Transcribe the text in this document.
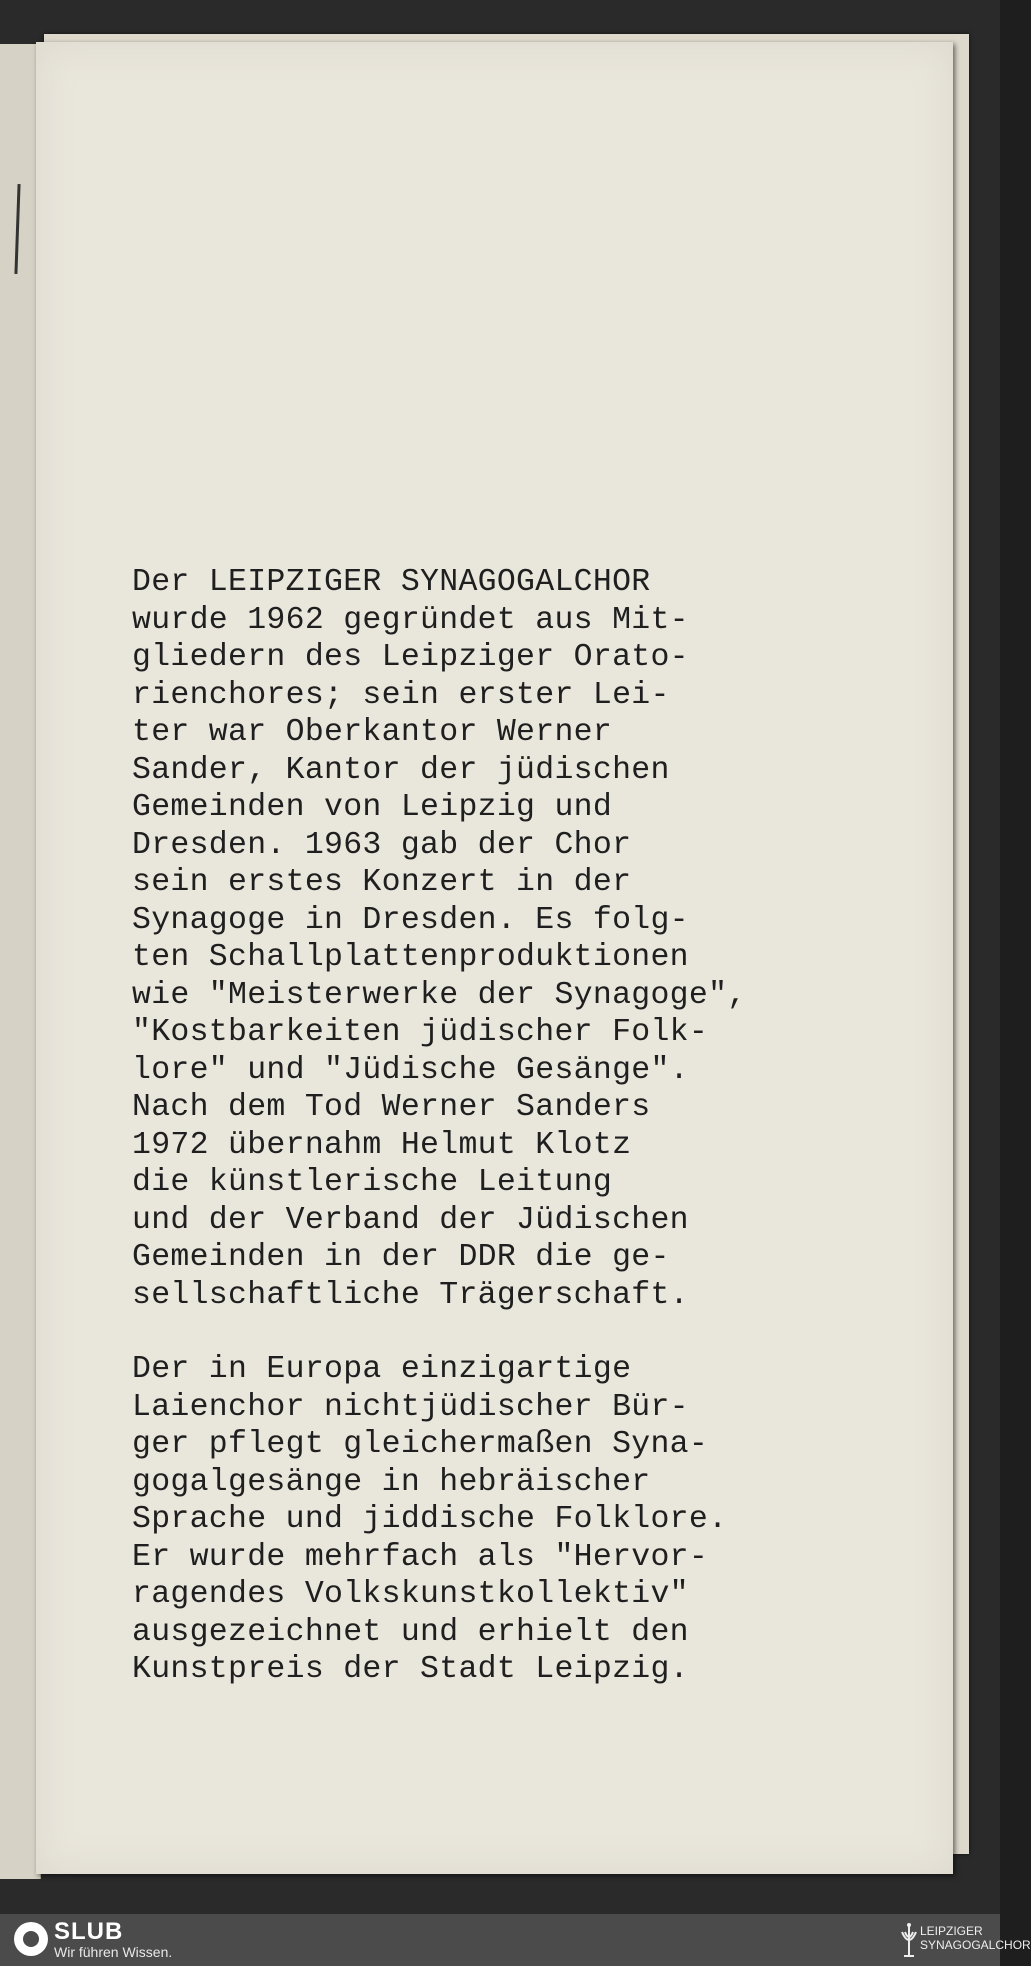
Der LEIPZIGER SYNAGOGALCHOR
wurde 1962 gegründet aus Mit-
gliedern des Leipziger Orato-
rienchores; sein erster Lei-
ter war Oberkantor Werner
Sander, Kantor der jüdischen
Gemeinden von Leipzig und
Dresden. 1963 gab der Chor
sein erstes Konzert in der
Synagoge in Dresden. Es folg-
ten Schallplattenproduktionen
wie "Meisterwerke der Synagoge",
"Kostbarkeiten jüdischer Folk-
lore" und "Jüdische Gesänge".
Nach dem Tod Werner Sanders
1972 übernahm Helmut Klotz
die künstlerische Leitung
und der Verband der Jüdischen
Gemeinden in der DDR die ge-
sellschaftliche Trägerschaft.
Der in Europa einzigartige
Laienchor nichtjüdischer Bür-
ger pflegt gleichermaßen Syna-
gogalgesänge in hebräischer
Sprache und jiddische Folklore.
Er wurde mehrfach als "Hervor-
ragendes Volkskunstkollektiv"
ausgezeichnet und erhielt den
Kunstpreis der Stadt Leipzig.
SLUB
Wir führen Wissen.
LEIPZIGER
SYNAGOGALCHOR
